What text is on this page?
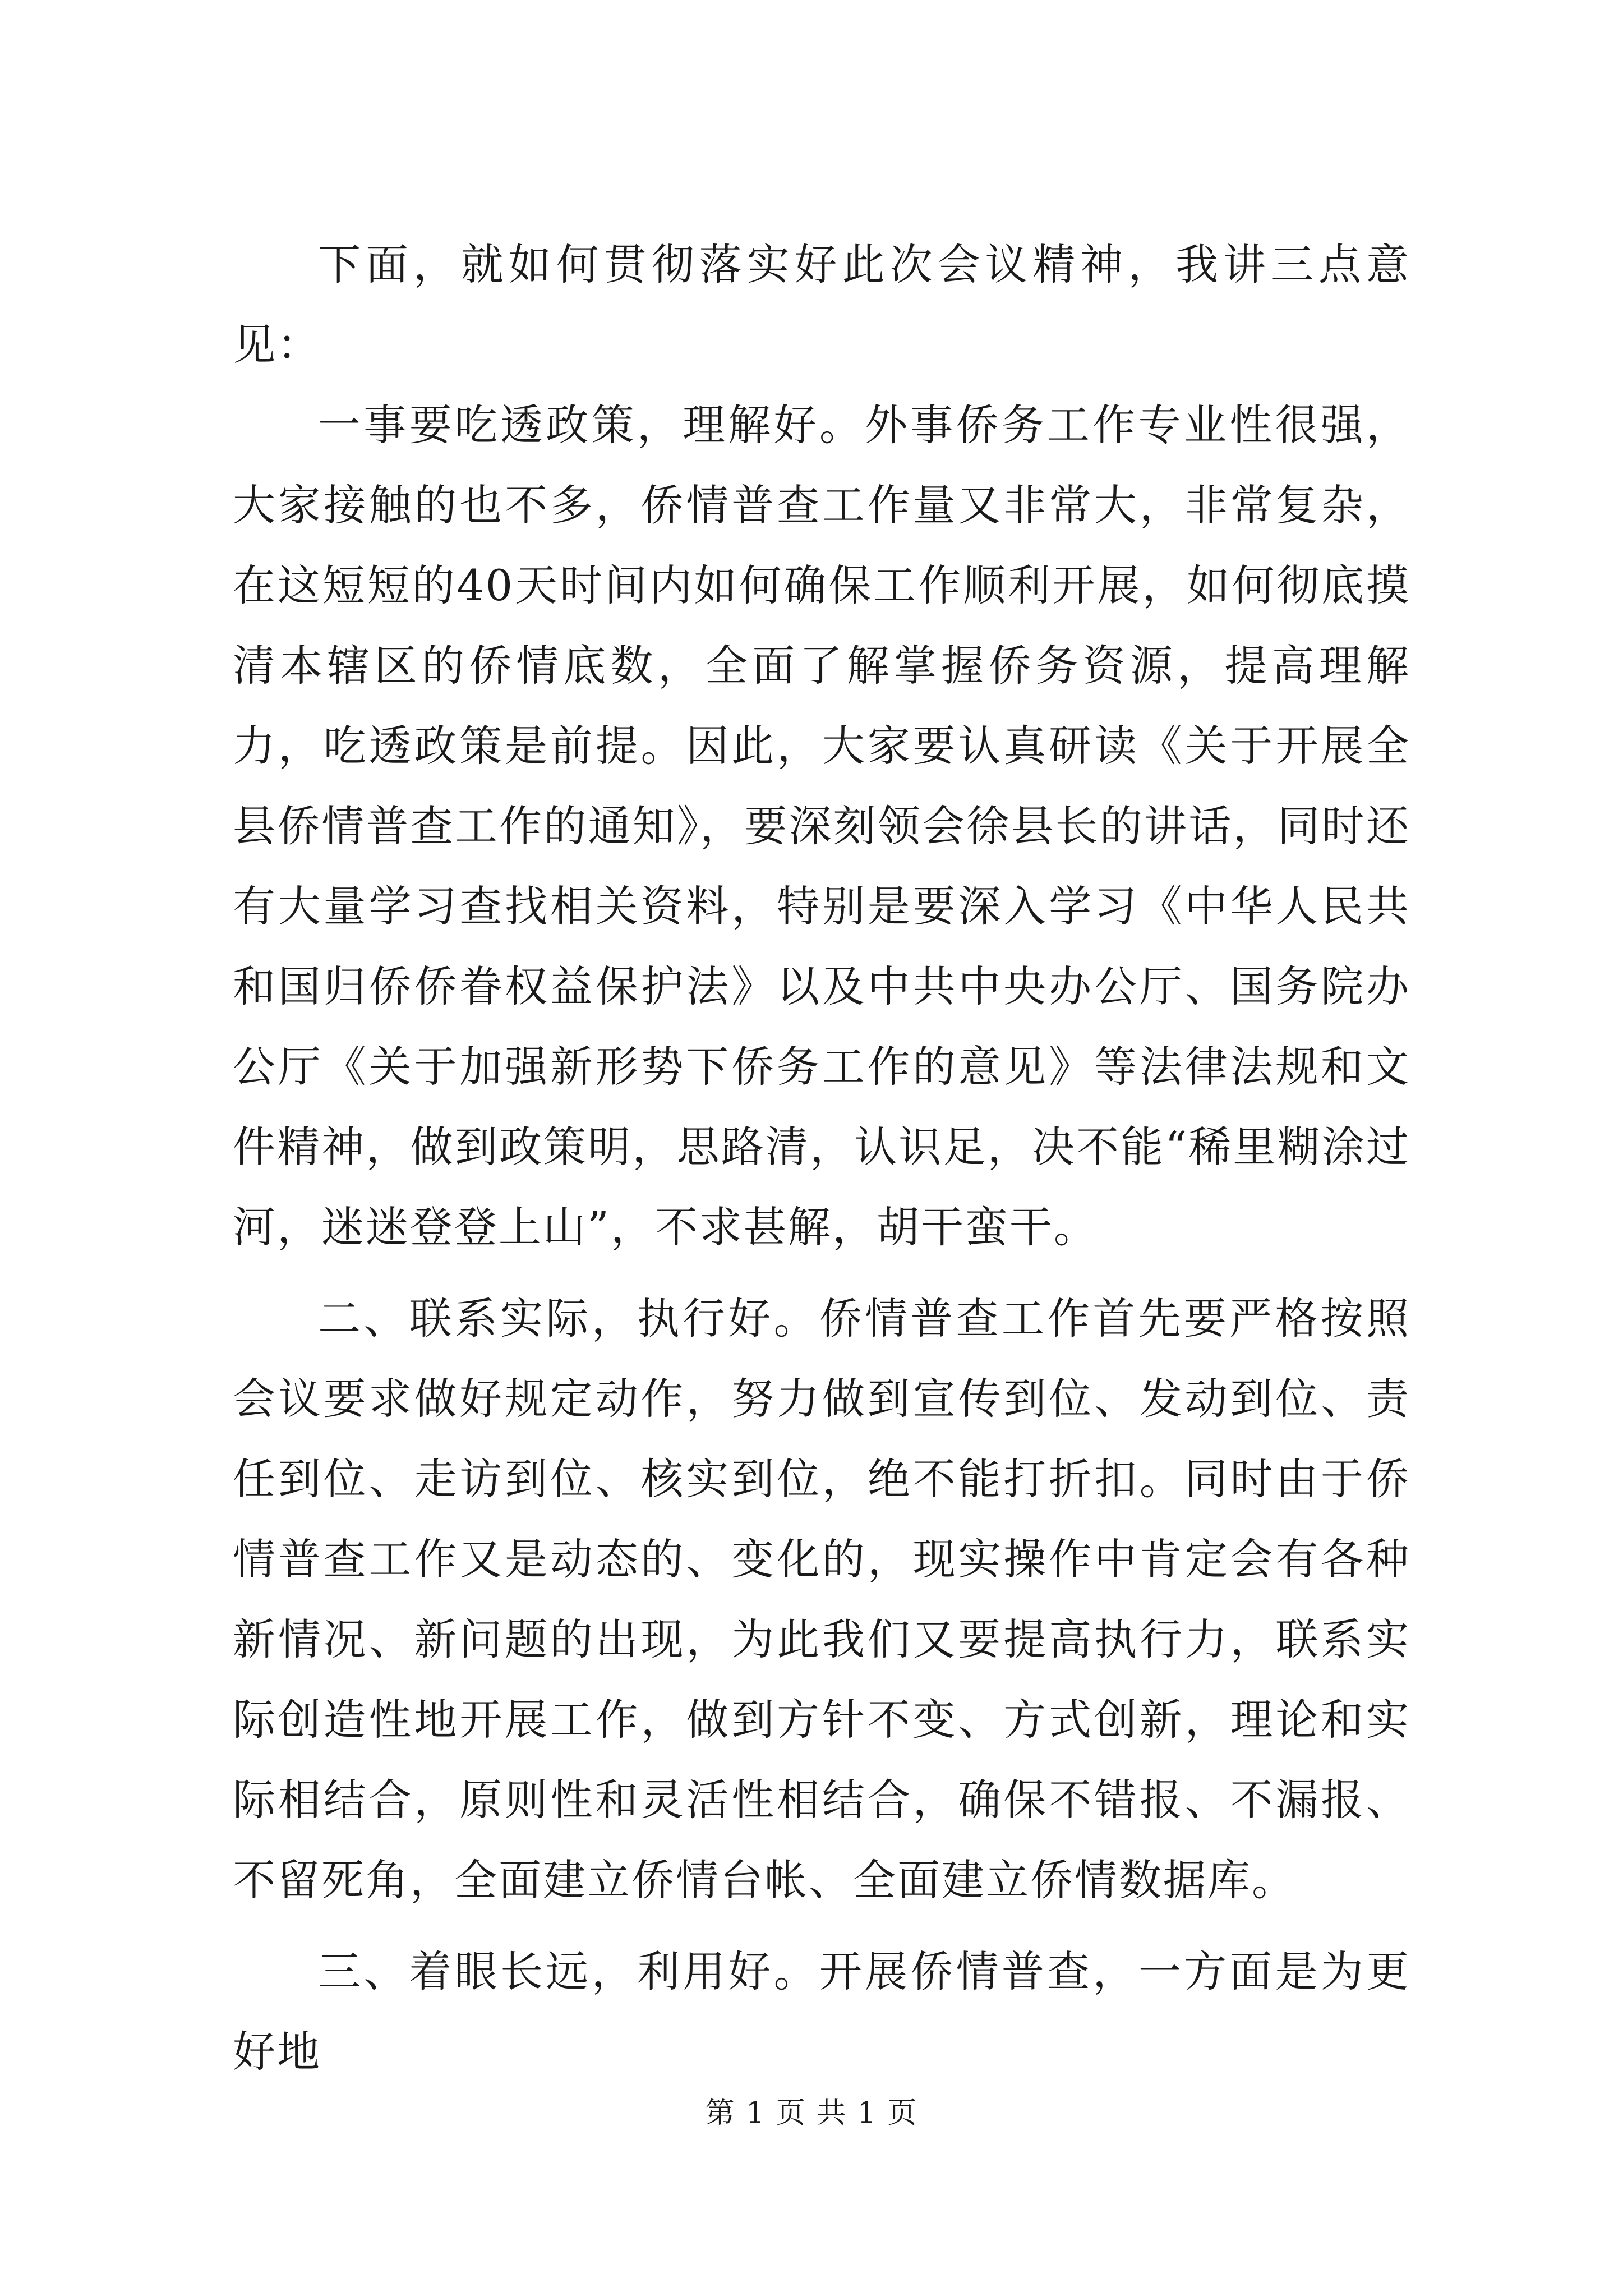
下面，就如何贯彻落实好此次会议精神，我讲三点意见：

一事要吃透政策，理解好。外事侨务工作专业性很强，大家接触的也不多，侨情普查工作量又非常大，非常复杂，在这短短的40天时间内如何确保工作顺利开展，如何彻底摸清本辖区的侨情底数，全面了解掌握侨务资源，提高理解力，吃透政策是前提。因此，大家要认真研读《关于开展全县侨情普查工作的通知》，要深刻领会徐县长的讲话，同时还有大量学习查找相关资料，特别是要深入学习《中华人民共和国归侨侨眷权益保护法》以及中共中央办公厅、国务院办公厅《关于加强新形势下侨务工作的意见》等法律法规和文件精神，做到政策明，思路清，认识足，决不能“稀里糊涂过河，迷迷登登上山”，不求甚解，胡干蛮干。

二、联系实际，执行好。侨情普查工作首先要严格按照会议要求做好规定动作，努力做到宣传到位、发动到位、责任到位、走访到位、核实到位，绝不能打折扣。同时由于侨情普查工作又是动态的、变化的，现实操作中肯定会有各种新情况、新问题的出现，为此我们又要提高执行力，联系实际创造性地开展工作，做到方针不变、方式创新，理论和实际相结合，原则性和灵活性相结合，确保不错报、不漏报、不留死角，全面建立侨情台帐、全面建立侨情数据库。

三、着眼长远，利用好。开展侨情普查，一方面是为更好地

第 1 页 共 1 页
